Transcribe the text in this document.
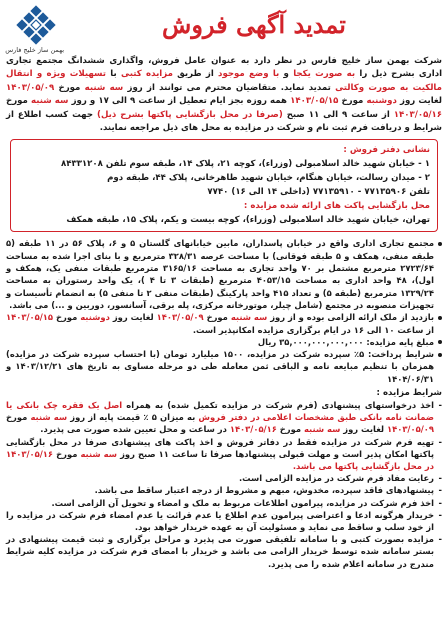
بهمن ساز خلیج فارس
تمدید آگهی فروش
شرکت بهمن ساز خلیج فارس در نظر دارد به عنوان عامل فروش، واگذاری ششدانگ مجتمع تجاری اداری بشرح ذیل را به صورت یکجا و با وضع موجود از طریق مزایده کتبی با تسهیلات ویژه و انتقال مالکیت به صورت وکالتی تمدید نماید. متقاضیان محترم می توانند از روز سه شنبه مورخ ۱۴۰۳/۰۵/۰۹ لغایت روز دوشنبه مورخ ۱۴۰۳/۰۵/۱۵ همه روزه بجز ایام تعطیل از ساعت ۹ الی ۱۷ و روز سه شنبه مورخ ۱۴۰۳/۰۵/۱۶ از ساعت ۹ الی ۱۱ صبح (صرفا در محل بازگشایی پاکتها بشرح ذیل) جهت کسب اطلاع از شرایط و دریافت فرم ثبت نام و شرکت در مزایده به محل های ذیل مراجعه نمایند.
نشانی دفتر فروش :
۱ - خیابان شهید خالد اسلامبولی (وزراء)، کوچه ۲۱، پلاک ۱۴، طبقه سوم تلفن ۸۴۳۳۱۲۰۸
۲ - میدان رسالت، خیابان هنگام، خیابان شهید طاهرخانی، پلاک ۴۴، طبقه دوم
تلفن ۷۷۱۳۵۹۰۶ - ۷۷۱۳۵۹۱۰ (داخلی ۱۴ الی ۱۶) ۷۷۴۰
محل بازگشایی پاکت های ارائه شده مزایده :
تهران، خیابان شهید خالد اسلامبولی (وزراء)، کوچه بیست و یکم، پلاک ۱۵، طبقه همکف

مجتمع تجاری اداری واقع در خیابان پاسداران، مابین خیابانهای گلستان ۵ و ۶، پلاک ۵۶ در ۱۱ طبقه (۵ طبقه منفی، همکف و ۵ طبقه فوقانی) با مساحت عرصه ۳۲۸/۳۱ مترمربع و با بنای اجرا شده به مساحت ۲۷۲۳/۶۴ مترمربع مشتمل بر ۷۰ واحد تجاری به مساحت ۳۱۶۵/۱۶ مترمربع طبقات منفی یک، همکف و اول)، ۴۸ واحد اداری به مساحت ۴۰۵۳/۱۵ مترمربع (طبقات ۳ تا ۴ )، یک واحد رستوران به مساحت ۱۳۲۹/۲۴ مترمربع (طبقه ۵) و تعداد ۴۱۵ واحد پارکینگ (طبقات منفی ۲ تا منفی ۵) به انضمام تأسیسات و تجهیزات منصوبه در مجتمع (شامل چیلر، موتورخانه مرکزی، پله برقی، آسانسور، دوربین و ...) می باشد.

بازدید از ملک ارائه الزامی بوده و از روز سه شنبه مورخ ۱۴۰۳/۰۵/۰۹ لغایت روز دوشنبه مورخ ۱۴۰۳/۰۵/۱۵ از ساعت ۱۰ الی ۱۶ در ایام برگزاری مزایده امکانپذیر است.

مبلغ پایه مزایده: ۳۵,۰۰۰,۰۰۰,۰۰۰,۰۰۰ ریال

شرایط پرداخت: ۵٪ سپرده شرکت در مزایده، ۱۵۰۰ میلیارد تومان (با احتساب سپرده شرکت در مزایده) همزمان با تنظیم مبایعه نامه و الباقی ثمن معامله طی دو مرحله مساوی به تاریخ های ۱۴۰۳/۱۲/۲۱ و ۱۴۰۴/۰۶/۳۱

شرایط مزایده :

- اخذ درخواستهای پیشنهادی (فرم شرکت در مزایده تکمیل شده) به همراه اصل یک فقره چک بانکی یا ضمانت نامه بانکی طبق مشخصات اعلامی در دفتر فروش به میزان ۵ ٪ قیمت پایه از روز سه شنبه مورخ ۱۴۰۳/۰۵/۰۹ لغایت روز سه شنبه مورخ ۱۴۰۳/۰۵/۱۶ در ساعت و محل تعیین شده صورت می پذیرد.

- تهیه فرم شرکت در مزایده فقط در دفاتر فروش و اخذ پاکت های پیشنهادی صرفا در محل بازگشایی پاکتها امکان پذیر است و مهلت قبولی پیشنهادها صرفا تا ساعت ۱۱ صبح روز سه شنبه مورخ ۱۴۰۳/۰۵/۱۶ در محل بازگشایی پاکتها می باشد.

- رعایت مفاد فرم شرکت در مزایده الزامی است.

- پیشنهادهای فاقد سپرده، مخدوش، مبهم و مشروط از درجه اعتبار ساقط می باشد.

- اخذ فرم شرکت در مزایده، پیرامون اطلاعات مربوط به ملک و امضاء و تحویل آن الزامی است.

- خریدار هرگونه ادعا و اعتراضی پیرامون عدم اطلاع یا عدم قرائت یا عدم امضاء فرم شرکت در مزایده را از خود سلب و ساقط می نماید و مسئولیت آن به عهده خریدار خواهد بود.

- مزایده بصورت کتبی و با سامانه تلفیقی صورت می پذیرد و مراحل برگزاری و ثبت قیمت پیشنهادی در بستر سامانه شده توسط خریدار الزامی می باشد و خریدار با امضای فرم شرکت در مزایده کلیه شرایط مندرج در سامانه اعلام شده را می پذیرد.
